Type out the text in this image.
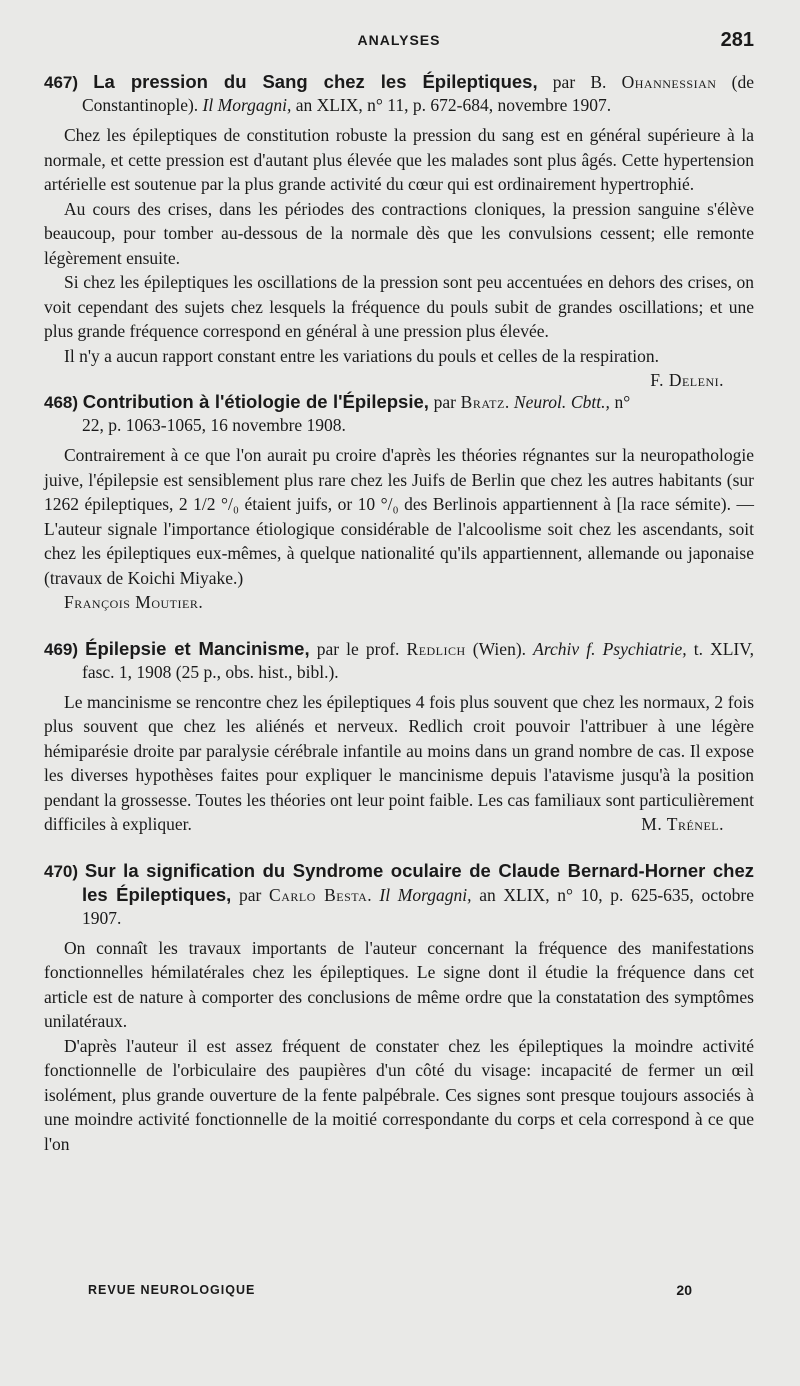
ANALYSES	281
467) La pression du Sang chez les Épileptiques, par B. Ohannessian (de Constantinople). Il Morgagni, an XLIX, n° 11, p. 672-684, novembre 1907.

Chez les épileptiques de constitution robuste la pression du sang est en général supérieure à la normale, et cette pression est d'autant plus élevée que les malades sont plus âgés. Cette hypertension artérielle est soutenue par la plus grande activité du cœur qui est ordinairement hypertrophié.

Au cours des crises, dans les périodes des contractions cloniques, la pression sanguine s'élève beaucoup, pour tomber au-dessous de la normale dès que les convulsions cessent; elle remonte légèrement ensuite.

Si chez les épileptiques les oscillations de la pression sont peu accentuées en dehors des crises, on voit cependant des sujets chez lesquels la fréquence du pouls subit de grandes oscillations; et une plus grande fréquence correspond en général à une pression plus élevée.

Il n'y a aucun rapport constant entre les variations du pouls et celles de la respiration.
F. Deleni.

468) Contribution à l'étiologie de l'Épilepsie, par Bratz. Neurol. Cbtt., n° 22, p. 1063-1065, 16 novembre 1908.

Contrairement à ce que l'on aurait pu croire d'après les théories régnantes sur la neuropathologie juive, l'épilepsie est sensiblement plus rare chez les Juifs de Berlin que chez les autres habitants (sur 1262 épileptiques, 2 1/2 °/₀ étaient juifs, or 10 °/₀ des Berlinois appartiennent à [la race sémite). — L'auteur signale l'importance étiologique considérable de l'alcoolisme soit chez les ascendants, soit chez les épileptiques eux-mêmes, à quelque nationalité qu'ils appartiennent, allemande ou japonaise (travaux de Koichi Miyake.)

François Moutier.

469) Épilepsie et Mancinisme, par le prof. Redlich (Wien). Archiv f. Psychiatrie, t. XLIV, fasc. 1, 1908 (25 p., obs. hist., bibl.).

Le mancinisme se rencontre chez les épileptiques 4 fois plus souvent que chez les normaux, 2 fois plus souvent que chez les aliénés et nerveux. Redlich croit pouvoir l'attribuer à une légère hémiparésie droite par paralysie cérébrale infantile au moins dans un grand nombre de cas. Il expose les diverses hypothèses faites pour expliquer le mancinisme depuis l'atavisme jusqu'à la position pendant la grossesse. Toutes les théories ont leur point faible. Les cas familiaux sont particulièrement difficiles à expliquer.	M. Trénel.

470) Sur la signification du Syndrome oculaire de Claude Bernard-Horner chez les Épileptiques, par Carlo Besta. Il Morgagni, an XLIX, n° 10, p. 625-635, octobre 1907.

On connaît les travaux importants de l'auteur concernant la fréquence des manifestations fonctionnelles hémilatérales chez les épileptiques. Le signe dont il étudie la fréquence dans cet article est de nature à comporter des conclusions de même ordre que la constatation des symptômes unilatéraux.

D'après l'auteur il est assez fréquent de constater chez les épileptiques la moindre activité fonctionnelle de l'orbiculaire des paupières d'un côté du visage: incapacité de fermer un œil isolément, plus grande ouverture de la fente palpébrale. Ces signes sont presque toujours associés à une moindre activité fonctionnelle de la moitié correspondante du corps et cela correspond à ce que l'on

REVUE NEUROLOGIQUE	20
